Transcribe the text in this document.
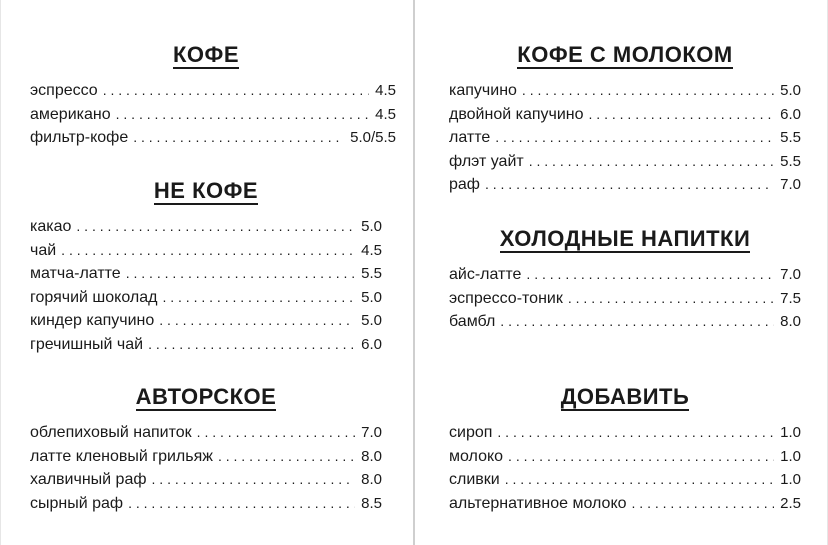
КОФЕ
эспрессо . . .	4.5
американо . . .	4.5
фильтр-кофе . . .	5.0/5.5
НЕ КОФЕ
какао . . .	5.0
чай . . .	4.5
матча-латте . . .	5.5
горячий шоколад . . .	5.0
киндер капучино . . .	5.0
гречишный чай . . .	6.0
АВТОРСКОЕ
облепиховый напиток . . .	7.0
латте кленовый грильяж . . .	8.0
халвичный раф . . .	8.0
сырный раф . . .	8.5
КОФЕ С МОЛОКОМ
капучино . . .	5.0
двойной капучино . . .	6.0
латте . . .	5.5
флэт уайт . . .	5.5
раф . . .	7.0
ХОЛОДНЫЕ НАПИТКИ
айс-латте . . .	7.0
эспрессо-тоник . . .	7.5
бамбл . . .	8.0
ДОБАВИТЬ
сироп . . .	1.0
молоко . . .	1.0
сливки . . .	1.0
альтернативное молоко . . .	2.5
